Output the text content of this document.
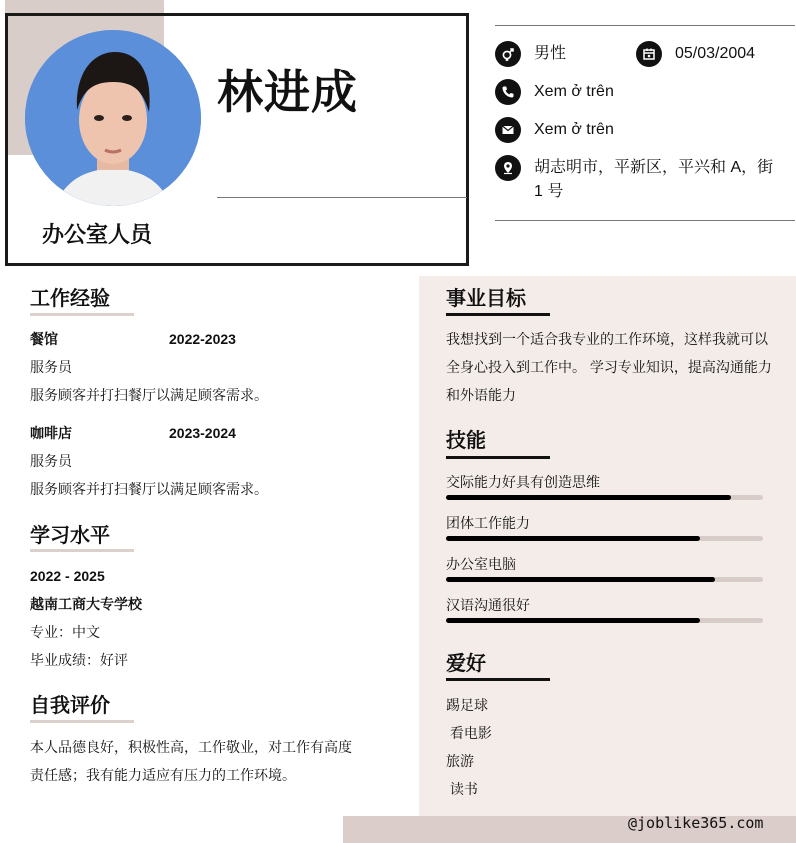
林进成
办公室人员
男性	05/03/2004
Xem ở trên
Xem ở trên
胡志明市，平新区，平兴和 A，街 1 号
工作经验
餐馆	2022-2023
服务员
服务顾客并打扫餐厅以满足顾客需求。
咖啡店	2023-2024
服务员
服务顾客并打扫餐厅以满足顾客需求。
学习水平
2022 - 2025
越南工商大专学校
专业：中文
毕业成绩：好评
自我评价
本人品德良好，积极性高，工作敬业，对工作有高度
责任感；我有能力适应有压力的工作环境。
事业目标
我想找到一个适合我专业的工作环境，这样我就可以
全身心投入到工作中。 学习专业知识，提高沟通能力
和外语能力
技能
交际能力好具有创造思维
团体工作能力
办公室电脑
汉语沟通很好
爱好
踢足球
看电影
旅游
读书
@joblike365.com
